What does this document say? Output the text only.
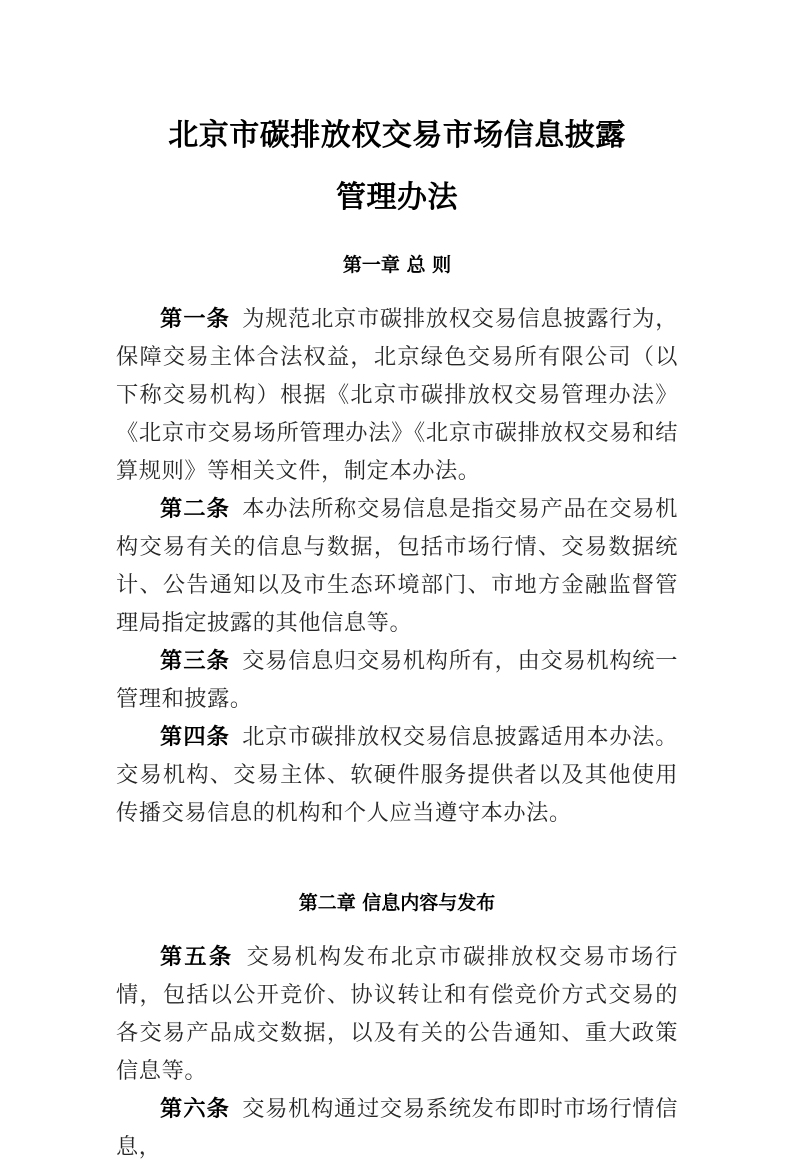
北京市碳排放权交易市场信息披露
管理办法
第一章 总 则

第一条 为规范北京市碳排放权交易信息披露行为，保障交易主体合法权益，北京绿色交易所有限公司（以下称交易机构）根据《北京市碳排放权交易管理办法》《北京市交易场所管理办法》《北京市碳排放权交易和结算规则》等相关文件，制定本办法。

第二条 本办法所称交易信息是指交易产品在交易机构交易有关的信息与数据，包括市场行情、交易数据统计、公告通知以及市生态环境部门、市地方金融监督管理局指定披露的其他信息等。

第三条 交易信息归交易机构所有，由交易机构统一管理和披露。

第四条 北京市碳排放权交易信息披露适用本办法。交易机构、交易主体、软硬件服务提供者以及其他使用传播交易信息的机构和个人应当遵守本办法。

第二章 信息内容与发布

第五条 交易机构发布北京市碳排放权交易市场行情，包括以公开竞价、协议转让和有偿竞价方式交易的各交易产品成交数据，以及有关的公告通知、重大政策信息等。

第六条 交易机构通过交易系统发布即时市场行情信息，
